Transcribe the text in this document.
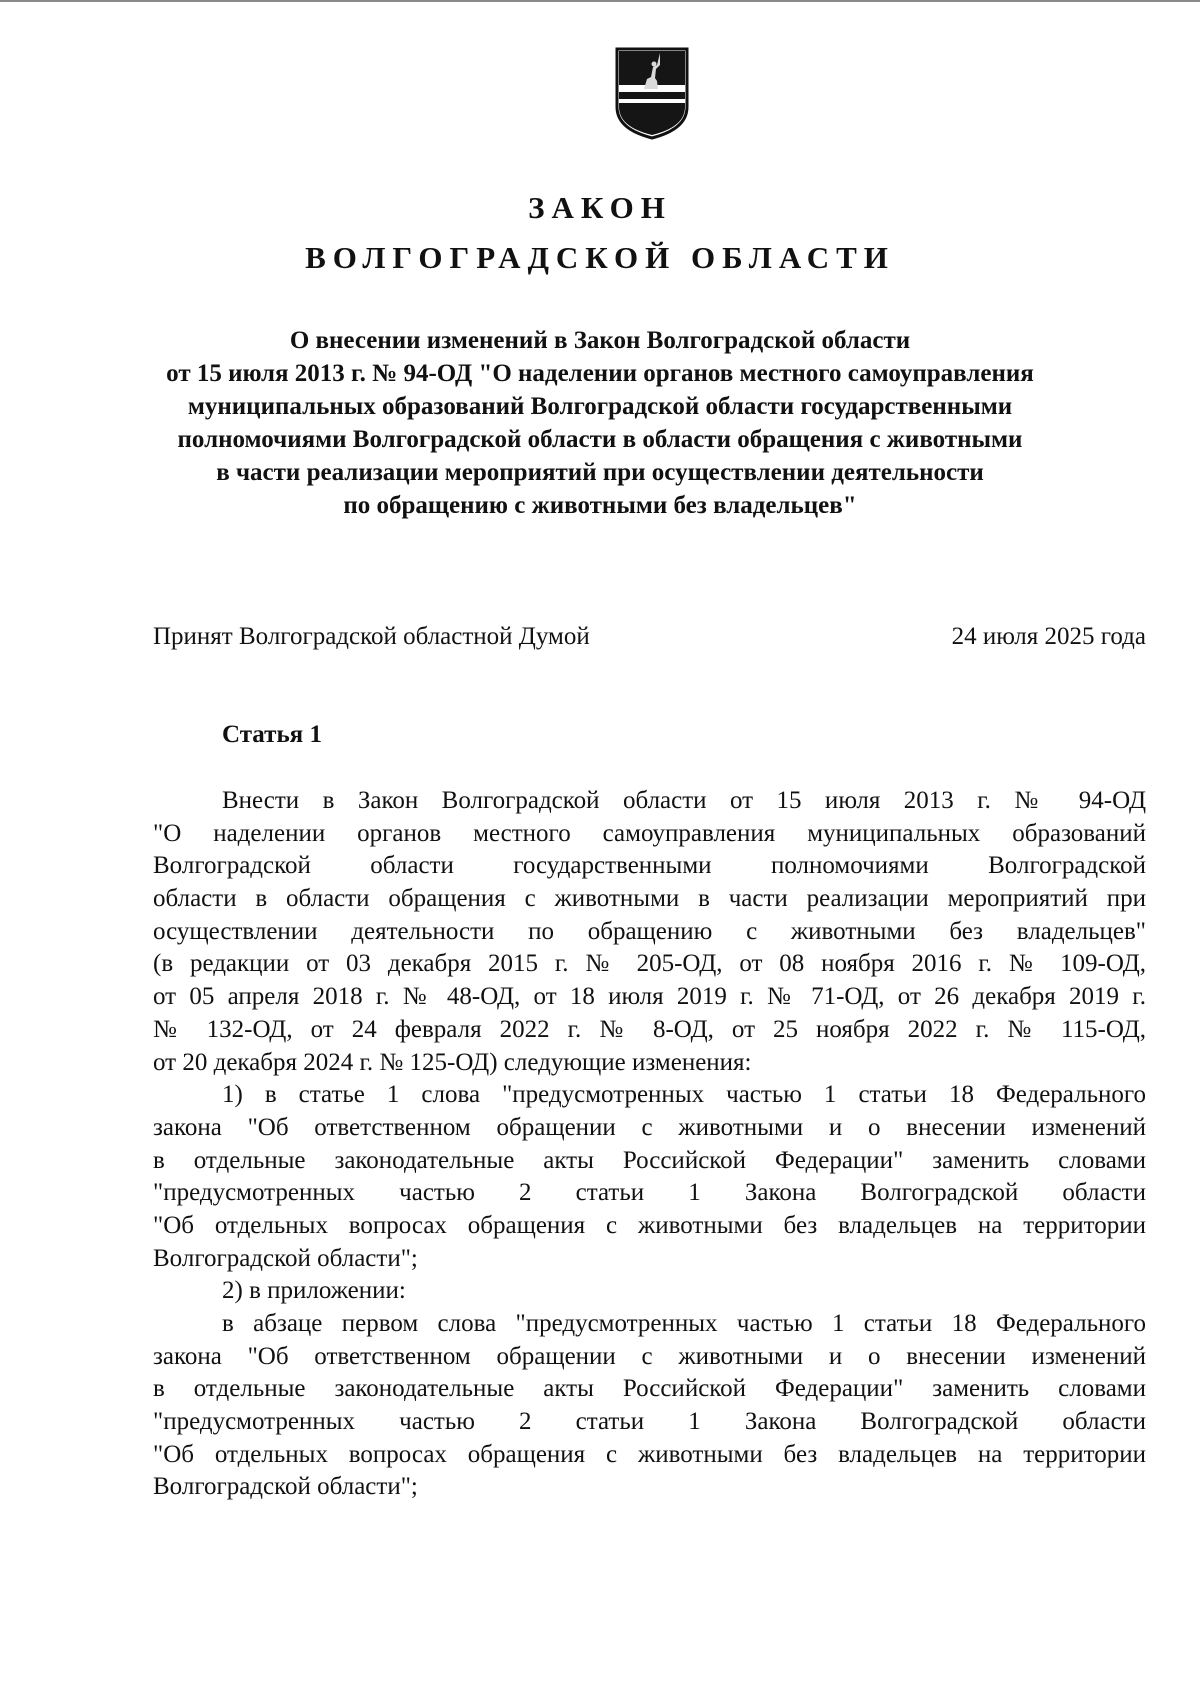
ЗАКОН
ВОЛГОГРАДСКОЙ ОБЛАСТИ
О внесении изменений в Закон Волгоградской области
от 15 июля 2013 г. № 94-ОД "О наделении органов местного самоуправления
муниципальных образований Волгоградской области государственными
полномочиями Волгоградской области в области обращения с животными
в части реализации мероприятий при осуществлении деятельности
по обращению с животными без владельцев"
Принят Волгоградской областной Думой	24 июля 2025 года
Статья 1
Внести в Закон Волгоградской области от 15 июля 2013 г. № 94-ОД
"О наделении органов местного самоуправления муниципальных образований
Волгоградской области государственными полномочиями Волгоградской
области в области обращения с животными в части реализации мероприятий при
осуществлении деятельности по обращению с животными без владельцев"
(в редакции от 03 декабря 2015 г. № 205-ОД, от 08 ноября 2016 г. № 109-ОД,
от 05 апреля 2018 г. № 48-ОД, от 18 июля 2019 г. № 71-ОД, от 26 декабря 2019 г.
№ 132-ОД, от 24 февраля 2022 г. № 8-ОД, от 25 ноября 2022 г. № 115-ОД,
от 20 декабря 2024 г. № 125-ОД) следующие изменения:
1) в статье 1 слова "предусмотренных частью 1 статьи 18 Федерального
закона "Об ответственном обращении с животными и о внесении изменений
в отдельные законодательные акты Российской Федерации" заменить словами
"предусмотренных частью 2 статьи 1 Закона Волгоградской области
"Об отдельных вопросах обращения с животными без владельцев на территории
Волгоградской области";
2) в приложении:
в абзаце первом слова "предусмотренных частью 1 статьи 18 Федерального
закона "Об ответственном обращении с животными и о внесении изменений
в отдельные законодательные акты Российской Федерации" заменить словами
"предусмотренных частью 2 статьи 1 Закона Волгоградской области
"Об отдельных вопросах обращения с животными без владельцев на территории
Волгоградской области";
